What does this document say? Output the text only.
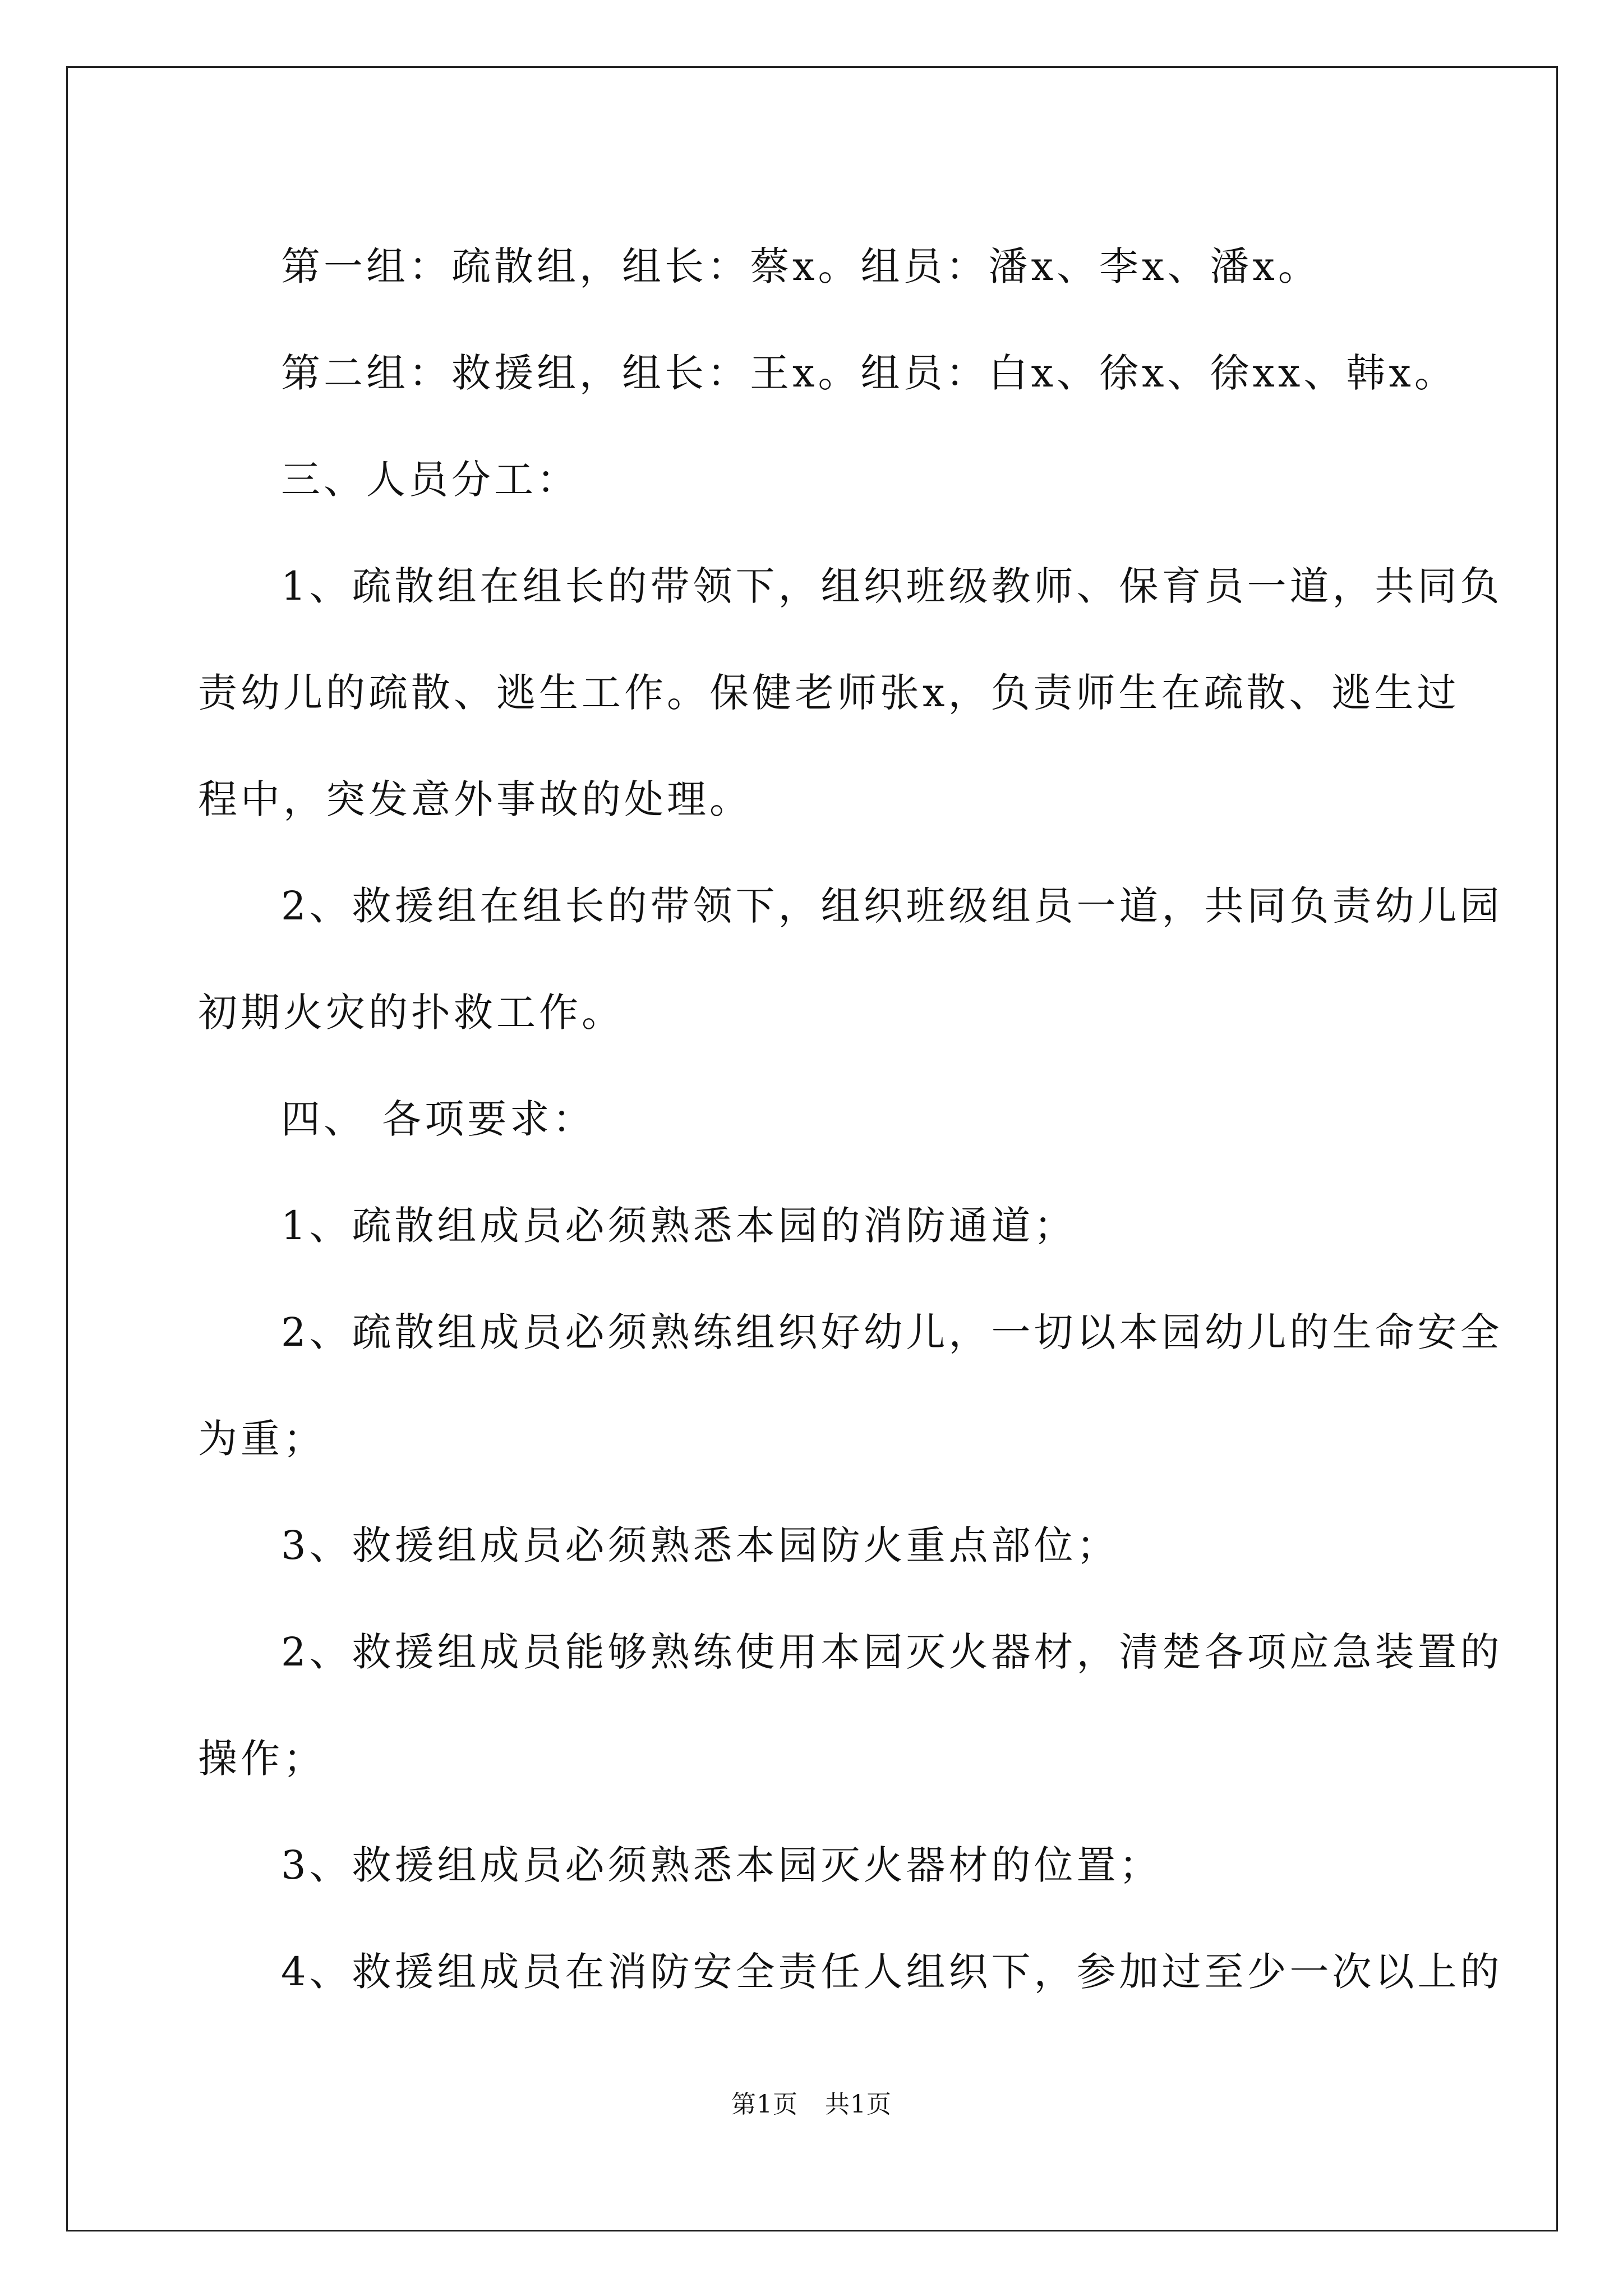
第一组：疏散组，组长：蔡x。组员：潘x、李x、潘x。
第二组：救援组，组长：王x。组员：白x、徐x、徐xx、韩x。
三、人员分工：
1、疏散组在组长的带领下，组织班级教师、保育员一道，共同负
责幼儿的疏散、逃生工作。保健老师张x，负责师生在疏散、逃生过
程中，突发意外事故的处理。
2、救援组在组长的带领下，组织班级组员一道，共同负责幼儿园
初期火灾的扑救工作。
四、 各项要求：
1、疏散组成员必须熟悉本园的消防通道；
2、疏散组成员必须熟练组织好幼儿，一切以本园幼儿的生命安全
为重；
3、救援组成员必须熟悉本园防火重点部位；
2、救援组成员能够熟练使用本园灭火器材，清楚各项应急装置的
操作；
3、救援组成员必须熟悉本园灭火器材的位置；
4、救援组成员在消防安全责任人组织下，参加过至少一次以上的
第1页 共1页
